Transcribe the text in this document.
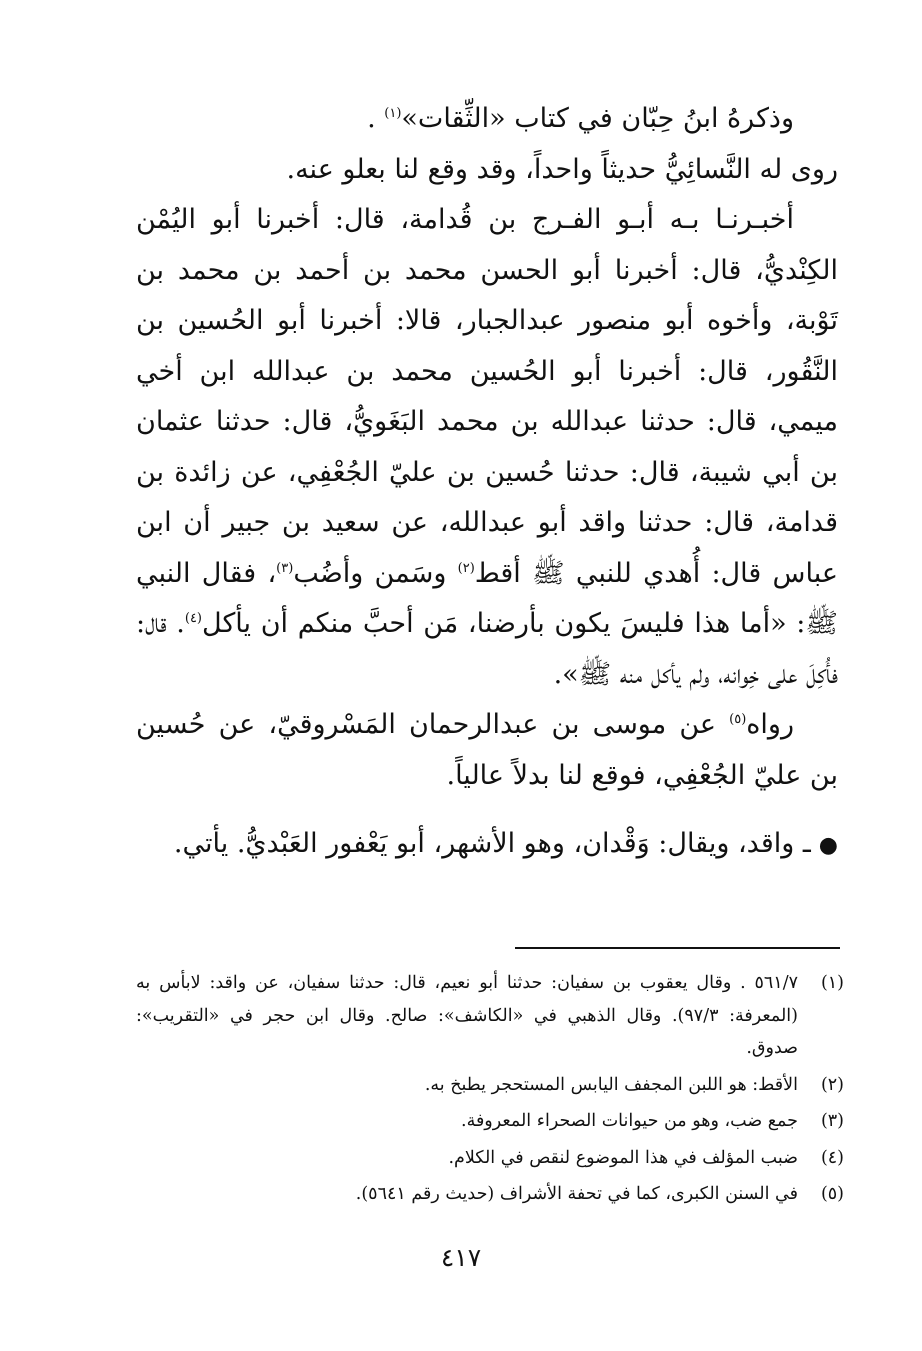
وذكرهُ ابنُ حِبّان في كتاب «الثِّقات»$^{(١)}$ .

روى له النَّسائِيُّ حديثاً واحداً، وقد وقع لنا بعلو عنه.

أخبـرنـا بـه أبـو الفـرج بن قُدامة، قال: أخبرنا أبو اليُمْن الكِنْديُّ، قال: أخبرنا أبو الحسن محمد بن أحمد بن محمد بن تَوْبة، وأخوه أبو منصور عبدالجبار، قالا: أخبرنا أبو الحُسين بن النَّقُور، قال: أخبرنا أبو الحُسين محمد بن عبدالله ابن أخي ميمي، قال: حدثنا عبدالله بن محمد البَغَويُّ، قال: حدثنا عثمان بن أبي شيبة، قال: حدثنا حُسين بن عليّ الجُعْفِي، عن زائدة بن قدامة، قال: حدثنا واقد أبو عبدالله، عن سعيد بن جبير أن ابن عباس قال: أُهدي للنبي ﷺ أقط$^{(٢)}$ وسَمن وأضُب$^{(٣)}$، فقال النبي ﷺ: «أما هذا فليسَ يكون بأرضنا، مَن أحبَّ منكم أن يأكل$^{(٤)}$. قال: فأُكِلَ على خِوانه، ولم يأكل منه ﷺ».

رواه$^{(٥)}$ عن موسى بن عبدالرحمان المَسْروقيّ، عن حُسين بن عليّ الجُعْفِي، فوقع لنا بدلاً عالياً.

●ـ واقد، ويقال: وَقْدان، وهو الأشهر، أبو يَعْفور العَبْديُّ. يأتي.

(١)
٥٦١/٧ . وقال يعقوب بن سفيان: حدثنا أبو نعيم، قال: حدثنا سفيان، عن واقد: لابأس به (المعرفة: ٩٧/٣). وقال الذهبي في «الكاشف»: صالح. وقال ابن حجر في «التقريب»: صدوق.
(٢)
الأقط: هو اللبن المجفف اليابس المستحجر يطبخ به.
(٣)
جمع ضب، وهو من حيوانات الصحراء المعروفة.
(٤)
ضبب المؤلف في هذا الموضوع لنقص في الكلام.
(٥)
في السنن الكبرى، كما في تحفة الأشراف (حديث رقم ٥٦٤١).
٤١٧
